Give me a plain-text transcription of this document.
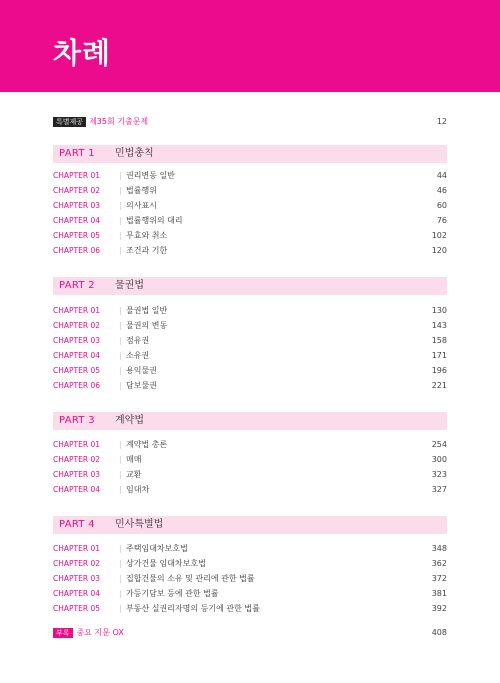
차례
특별제공 제35회 기출문제	12
PART 1 민법총칙
CHAPTER 01	| 권리변동 일반	44
CHAPTER 02	| 법률행위	46
CHAPTER 03	| 의사표시	60
CHAPTER 04	| 법률행위의 대리	76
CHAPTER 05	| 무효와 취소	102
CHAPTER 06	| 조건과 기한	120
PART 2 물권법
CHAPTER 01	| 물권법 일반	130
CHAPTER 02	| 물권의 변동	143
CHAPTER 03	| 점유권	158
CHAPTER 04	| 소유권	171
CHAPTER 05	| 용익물권	196
CHAPTER 06	| 담보물권	221
PART 3 계약법
CHAPTER 01	| 계약법 총론	254
CHAPTER 02	| 매매	300
CHAPTER 03	| 교환	323
CHAPTER 04	| 임대차	327
PART 4 민사특별법
CHAPTER 01	| 주택임대차보호법	348
CHAPTER 02	| 상가건물 임대차보호법	362
CHAPTER 03	| 집합건물의 소유 및 관리에 관한 법률	372
CHAPTER 04	| 가등기담보 등에 관한 법률	381
CHAPTER 05	| 부동산 실권리자명의 등기에 관한 법률	392
부록 중요 지문 OX	408
